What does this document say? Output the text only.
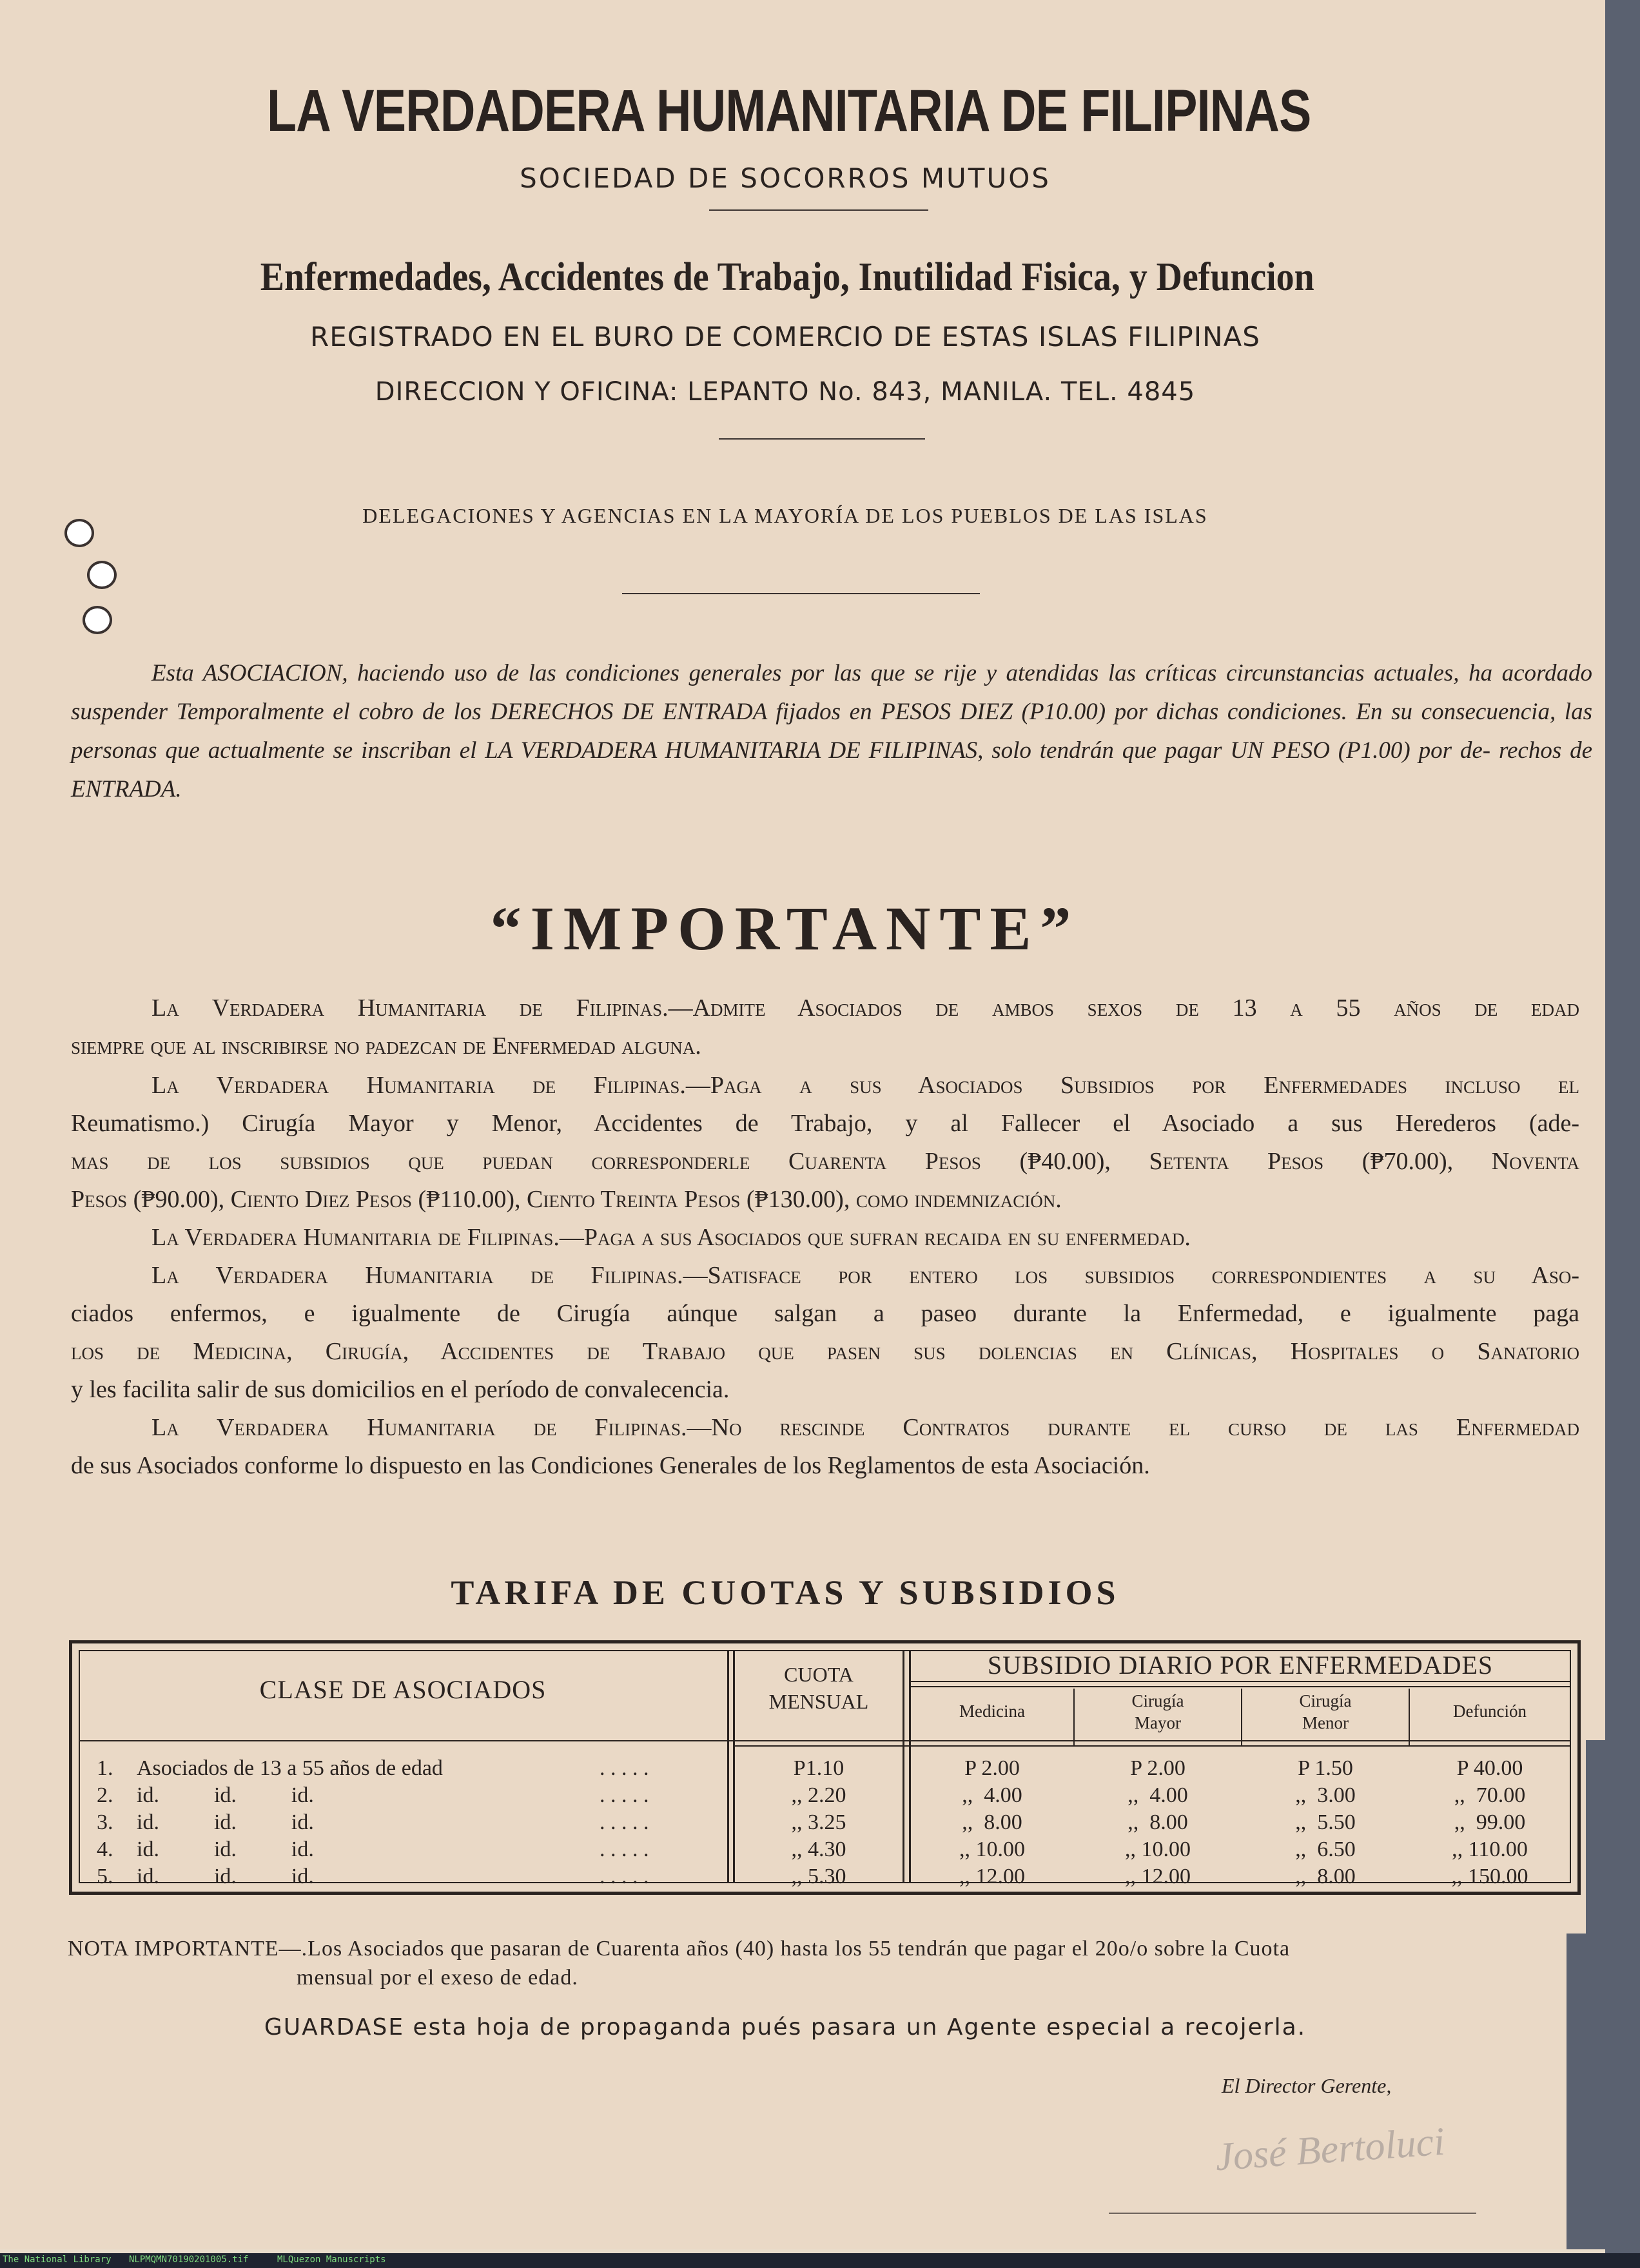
LA VERDADERA HUMANITARIA DE FILIPINAS
SOCIEDAD DE SOCORROS MUTUOS
Enfermedades, Accidentes de Trabajo, Inutilidad Fisica, y Defuncion
REGISTRADO EN EL BURO DE COMERCIO DE ESTAS ISLAS FILIPINAS
DIRECCION Y OFICINA: LEPANTO No. 843, MANILA. TEL. 4845
DELEGACIONES Y AGENCIAS EN LA MAYORÍA DE LOS PUEBLOS DE LAS ISLAS
Esta ASOCIACION, haciendo uso de las condiciones generales por las que se rije y atendidas las críticas circunstancias actuales, ha acordado suspender Temporalmente el cobro de los DERECHOS DE ENTRADA fijados en PESOS DIEZ (P10.00) por dichas condiciones. En su consecuencia, las personas que actualmente se inscriban el LA VERDADERA HUMANITARIA DE FILIPINAS, solo tendrán que pagar UN PESO (P1.00) por de- rechos de ENTRADA.
“IMPORTANTE”
La Verdadera Humanitaria de Filipinas.—Admite Asociados de ambos sexos de 13 a 55 años de edad
siempre que al inscribirse no padezcan de Enfermedad alguna.
La Verdadera Humanitaria de Filipinas.—Paga a sus Asociados Subsidios por Enfermedades incluso el
Reumatismo.) Cirugía Mayor y Menor, Accidentes de Trabajo, y al Fallecer el Asociado a sus Herederos (ade-
mas de los subsidios que puedan corresponderle Cuarenta Pesos (₱40.00), Setenta Pesos (₱70.00), Noventa
Pesos (₱90.00), Ciento Diez Pesos (₱110.00), Ciento Treinta Pesos (₱130.00), como indemnización.
La Verdadera Humanitaria de Filipinas.—Paga a sus Asociados que sufran recaida en su enfermedad.
La Verdadera Humanitaria de Filipinas.—Satisface por entero los subsidios correspondientes a su Aso-
ciados enfermos, e igualmente de Cirugía aúnque salgan a paseo durante la Enfermedad, e igualmente paga
los de Medicina, Cirugía, Accidentes de Trabajo que pasen sus dolencias en Clínicas, Hospitales o Sanatorio
y les facilita salir de sus domicilios en el período de convalecencia.
La Verdadera Humanitaria de Filipinas.—No rescinde Contratos durante el curso de las Enfermedad
de sus Asociados conforme lo dispuesto en las Condiciones Generales de los Reglamentos de esta Asociación.
TARIFA DE CUOTAS Y SUBSIDIOS
CLASE DE ASOCIADOS
CUOTA
MENSUAL
SUBSIDIO DIARIO POR ENFERMEDADES
Medicina
Cirugía
Mayor
Cirugía
Menor
Defunción
1.	Asociados de 13 a 55 años de edad	. . . . .	P1.10	P 2.00	P 2.00	P 1.50	P 40.00
2.	id.          id.          id.	. . . . .	,, 2.20	,,  4.00	,,  4.00	,,  3.00	,,  70.00
3.	id.          id.          id.	. . . . .	,, 3.25	,,  8.00	,,  8.00	,,  5.50	,,  99.00
4.	id.          id.          id.	. . . . .	,, 4.30	,, 10.00	,, 10.00	,,  6.50	,, 110.00
5.	id.          id.          id.	. . . . .	,, 5.30	,, 12.00	,, 12.00	,,  8.00	,, 150.00
NOTA IMPORTANTE—.Los Asociados que pasaran de Cuarenta años (40) hasta los 55 tendrán que pagar el 20o/o sobre la Cuota
mensual por el exeso de edad.
GUARDASE esta hoja de propaganda pués pasara un Agente especial a recojerla.
El Director Gerente,
José Bertoluci
The National Library NLPMQMN70190201005.tif	MLQuezon Manuscripts
